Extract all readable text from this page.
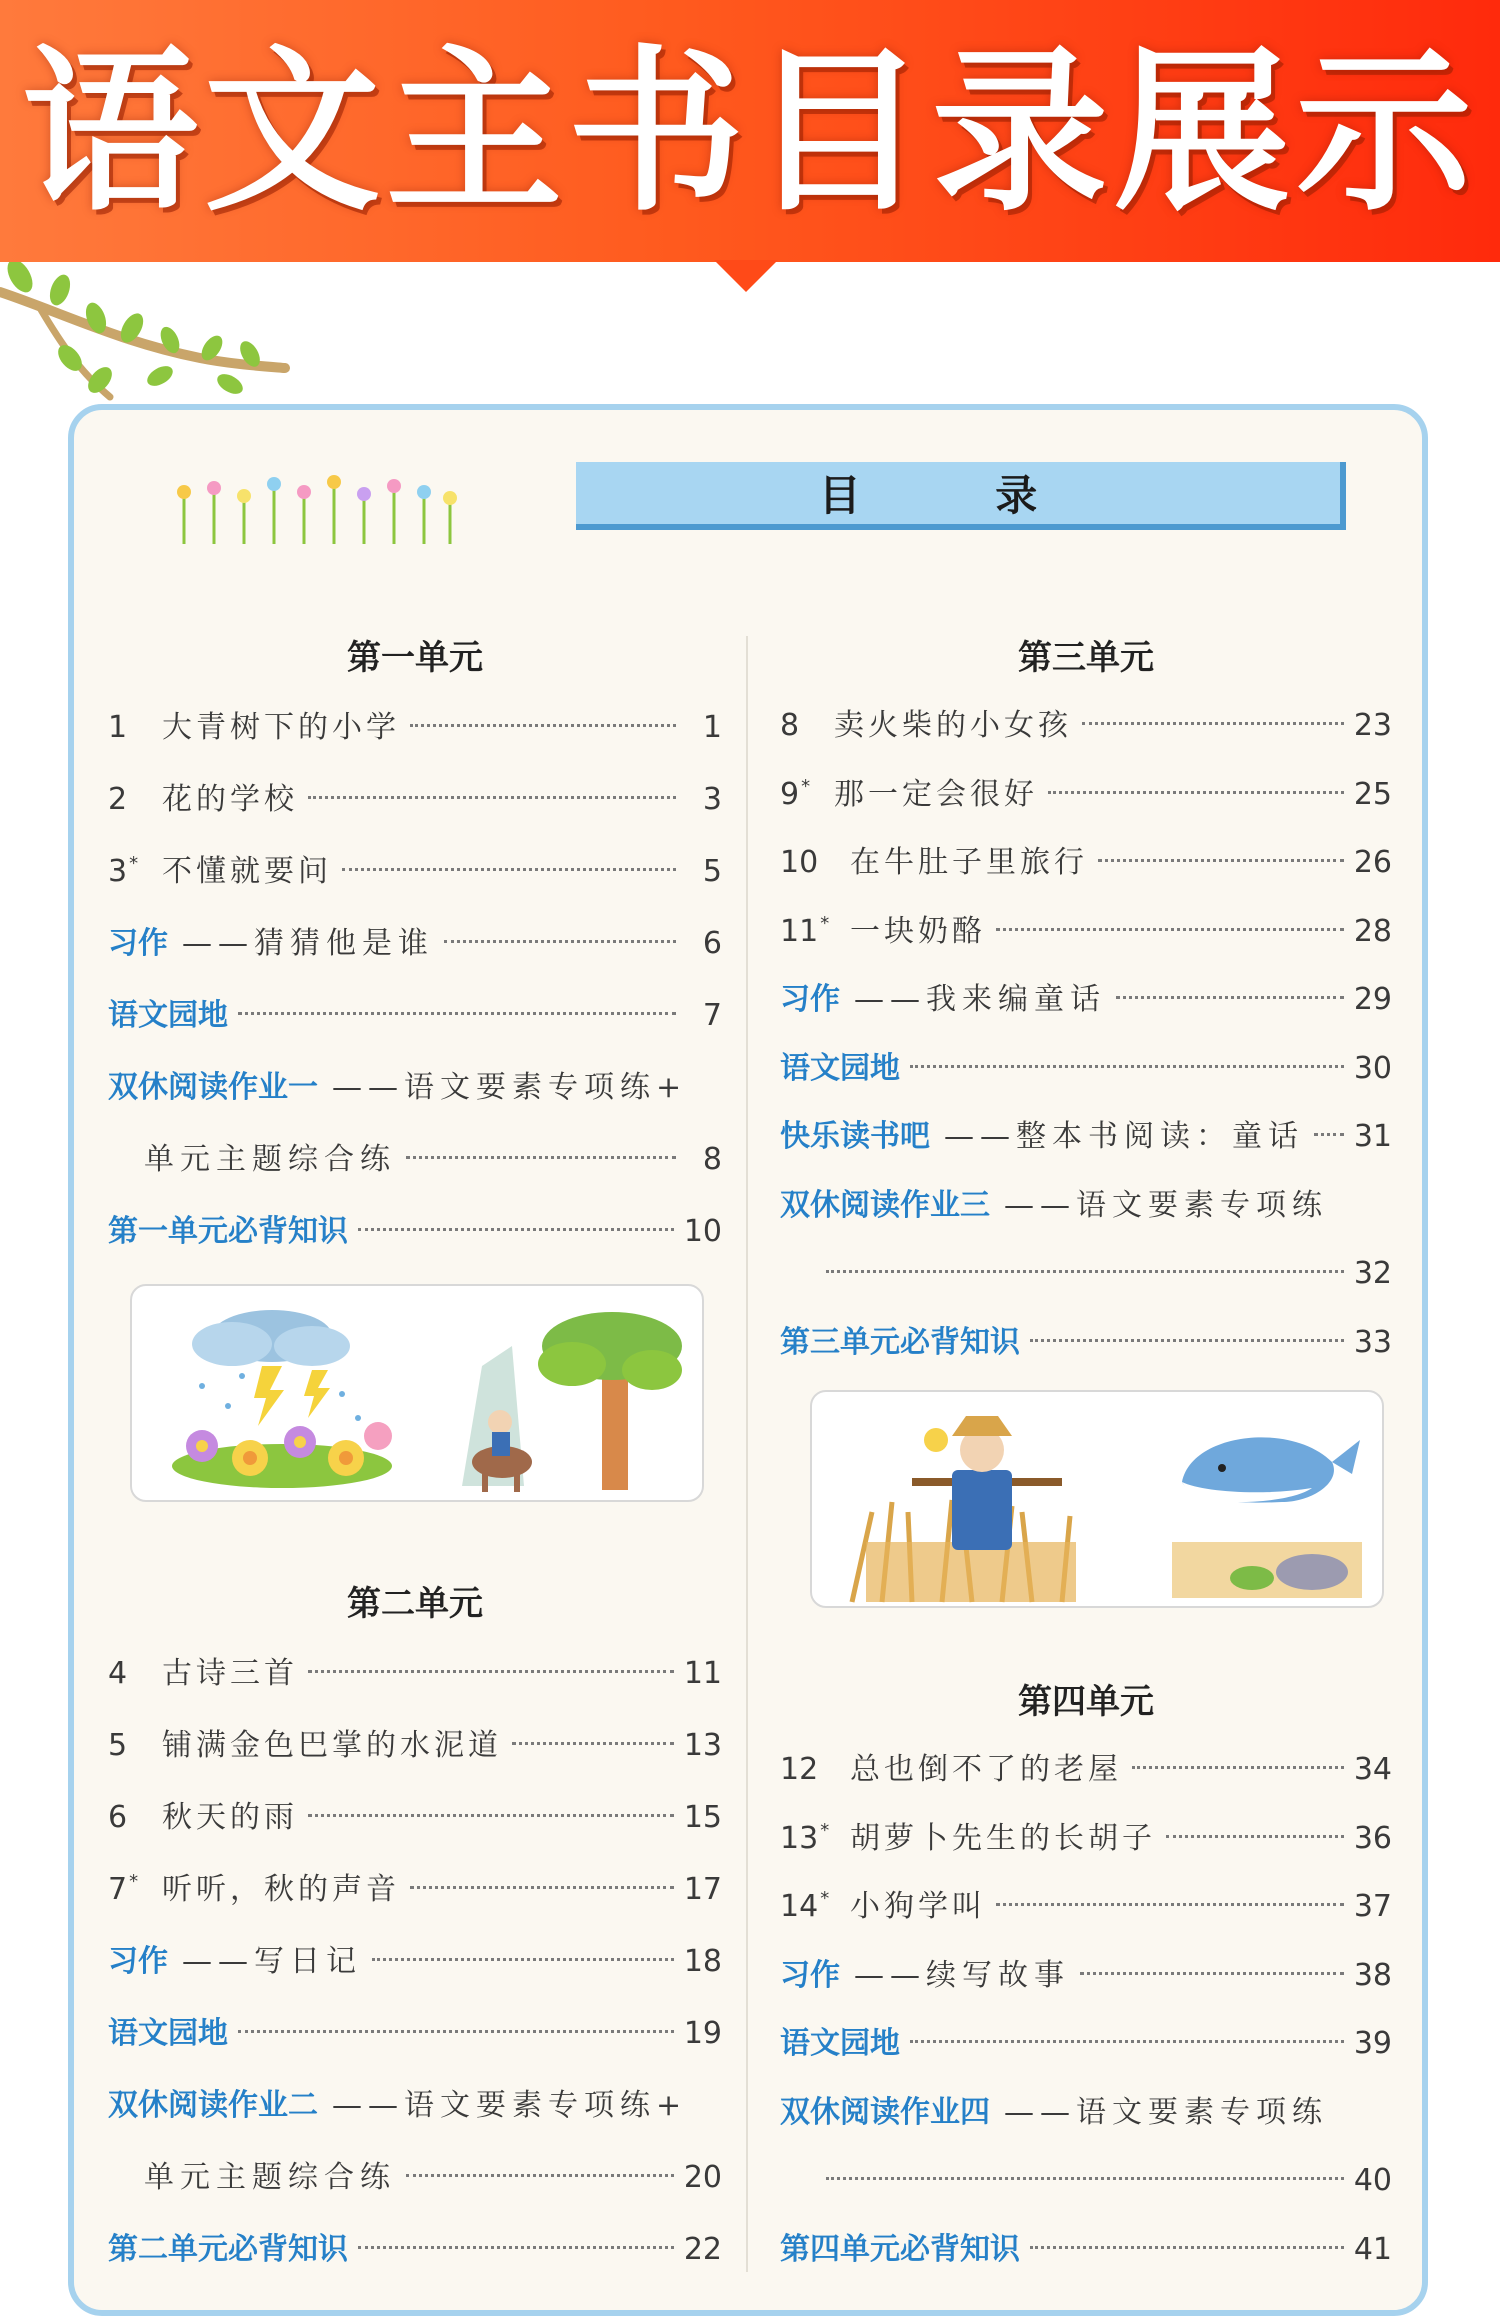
语文主书目录展示
目 录
第一单元
1	大青树下的小学	1
2	花的学校	3
3 * 不懂就要问	5
习作 ——猜猜他是谁	6
语文园地	7
双休阅读作业一 ——语文要素专项练+
单元主题综合练	8
第一单元必背知识	10
第二单元
4	古诗三首	11
5	铺满金色巴掌的水泥道	13
6	秋天的雨	15
7 * 听听，秋的声音	17
习作 ——写日记	18
语文园地	19
双休阅读作业二 ——语文要素专项练+
单元主题综合练	20
第二单元必背知识	22
第三单元
8	卖火柴的小女孩	23
9 * 那一定会很好	25
10	在牛肚子里旅行	26
11 * 一块奶酪	28
习作 ——我来编童话	29
语文园地	30
快乐读书吧 ——整本书阅读：童话 31
双休阅读作业三 ——语文要素专项练
32
第三单元必背知识	33
第四单元
12	总也倒不了的老屋	34
13 * 胡萝卜先生的长胡子	36
14 * 小狗学叫	37
习作 ——续写故事	38
语文园地	39
双休阅读作业四 ——语文要素专项练
40
第四单元必背知识	41
